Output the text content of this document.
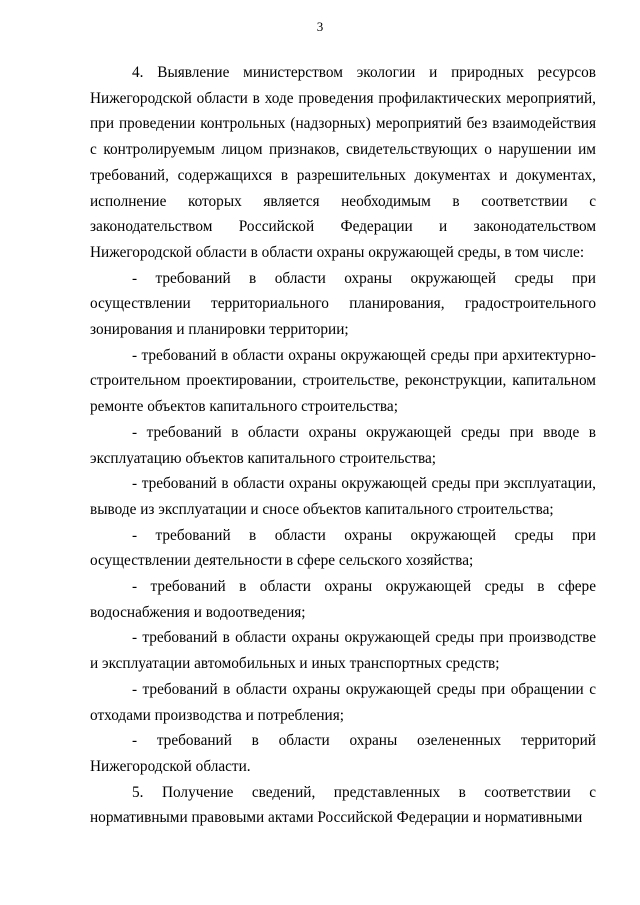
3

4. Выявление министерством экологии и природных ресурсов Нижегородской области в ходе проведения профилактических мероприятий, при проведении контрольных (надзорных) мероприятий без взаимодействия с контролируемым лицом признаков, свидетельствующих о нарушении им требований, содержащихся в разрешительных документах и документах, исполнение которых является необходимым в соответствии с законодательством Российской Федерации и законодательством Нижегородской области в области охраны окружающей среды, в том числе:

- требований в области охраны окружающей среды при осуществлении территориального планирования, градостроительного зонирования и планировки территории;

- требований в области охраны окружающей среды при архитектурно-строительном проектировании, строительстве, реконструкции, капитальном ремонте объектов капитального строительства;

- требований в области охраны окружающей среды при вводе в эксплуатацию объектов капитального строительства;

- требований в области охраны окружающей среды при эксплуатации, выводе из эксплуатации и сносе объектов капитального строительства;

- требований в области охраны окружающей среды при осуществлении деятельности в сфере сельского хозяйства;

- требований в области охраны окружающей среды в сфере водоснабжения и водоотведения;

- требований в области охраны окружающей среды при производстве и эксплуатации автомобильных и иных транспортных средств;

- требований в области охраны окружающей среды при обращении с отходами производства и потребления;

- требований в области охраны озелененных территорий Нижегородской области.

5. Получение сведений, представленных в соответствии с нормативными правовыми актами Российской Федерации и нормативными
